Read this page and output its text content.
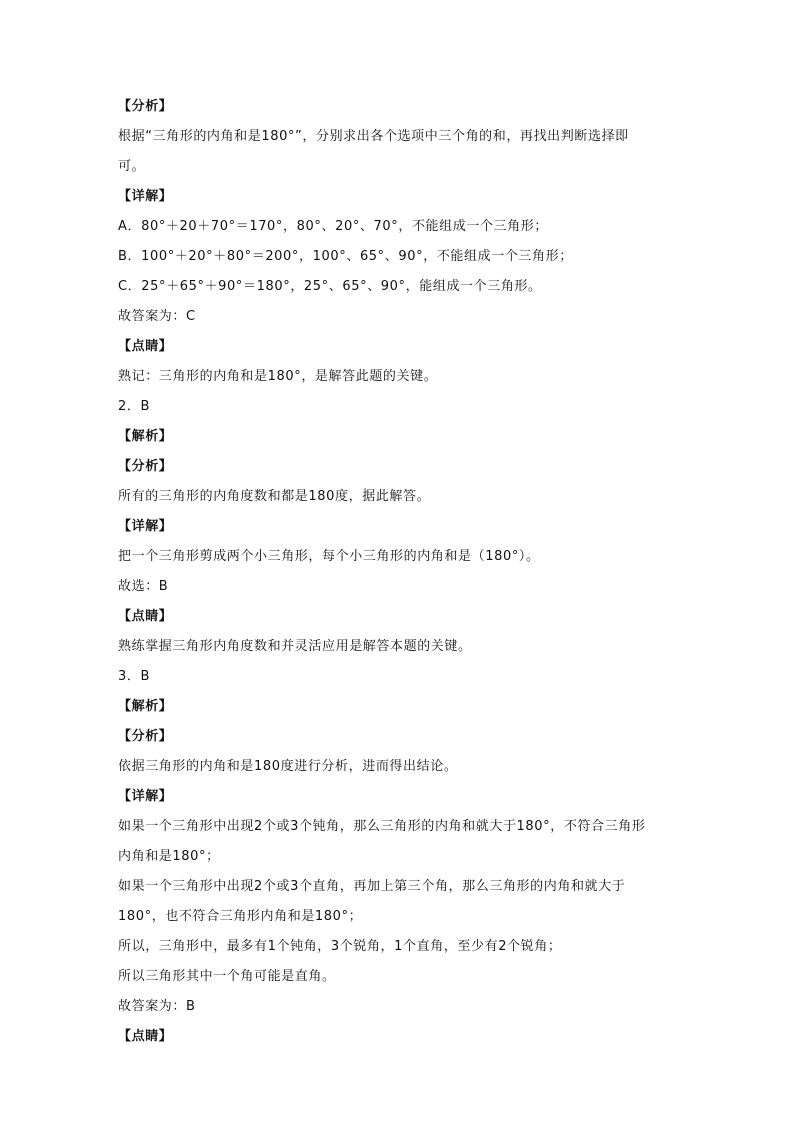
【分析】
根据“三角形的内角和是180°”，分别求出各个选项中三个角的和，再找出判断选择即
可。
【详解】
A．80°＋20＋70°＝170°，80°、20°、70°，不能组成一个三角形；
B．100°＋20°＋80°＝200°，100°、65°、90°，不能组成一个三角形；
C．25°＋65°＋90°＝180°，25°、65°、90°，能组成一个三角形。
故答案为：C
【点睛】
熟记：三角形的内角和是180°，是解答此题的关键。
2．B
【解析】
【分析】
所有的三角形的内角度数和都是180度，据此解答。
【详解】
把一个三角形剪成两个小三角形，每个小三角形的内角和是（180°）。
故选：B
【点睛】
熟练掌握三角形内角度数和并灵活应用是解答本题的关键。
3．B
【解析】
【分析】
依据三角形的内角和是180度进行分析，进而得出结论。
【详解】
如果一个三角形中出现2个或3个钝角，那么三角形的内角和就大于180°，不符合三角形
内角和是180°；
如果一个三角形中出现2个或3个直角，再加上第三个角，那么三角形的内角和就大于
180°，也不符合三角形内角和是180°；
所以，三角形中，最多有1个钝角，3个锐角，1个直角，至少有2个锐角；
所以三角形其中一个角可能是直角。
故答案为：B
【点睛】
